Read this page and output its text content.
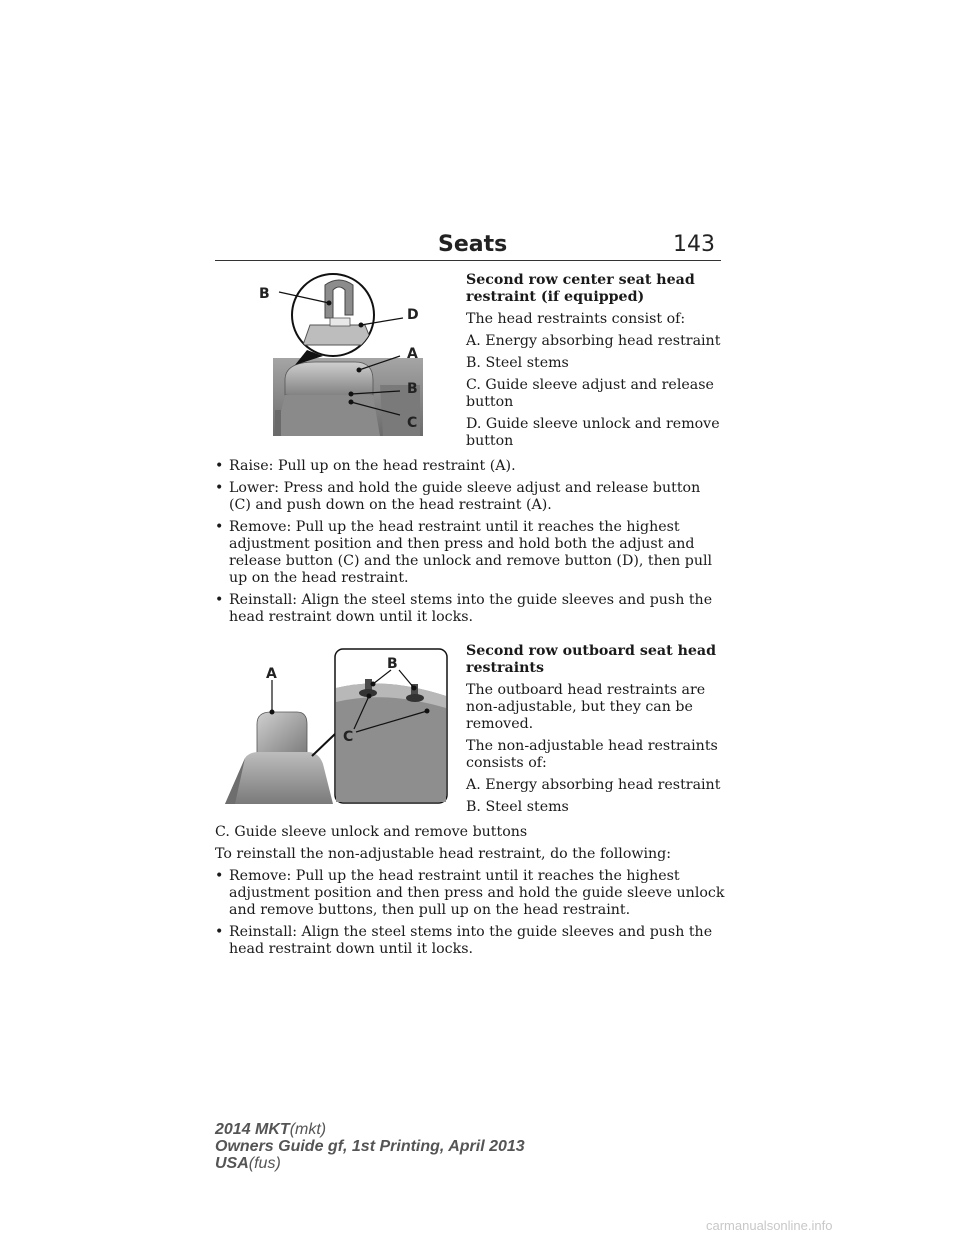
Seats	143
B
D
A
B
C

Second row center seat head restraint (if equipped)

The head restraints consist of:

A. Energy absorbing head restraint

B. Steel stems

C. Guide sleeve adjust and release button

D. Guide sleeve unlock and remove button

• Raise: Pull up on the head restraint (A).
• Lower: Press and hold the guide sleeve adjust and release button (C) and push down on the head restraint (A).
• Remove: Pull up the head restraint until it reaches the highest adjustment position and then press and hold both the adjust and release button (C) and the unlock and remove button (D), then pull up on the head restraint.
• Reinstall: Align the steel stems into the guide sleeves and push the head restraint down until it locks.
A
B
C

Second row outboard seat head restraints

The outboard head restraints are non-adjustable, but they can be removed.

The non-adjustable head restraints consists of:

A. Energy absorbing head restraint

B. Steel stems

C. Guide sleeve unlock and remove buttons

To reinstall the non-adjustable head restraint, do the following:

• Remove: Pull up the head restraint until it reaches the highest adjustment position and then press and hold the guide sleeve unlock and remove buttons, then pull up on the head restraint.
• Reinstall: Align the steel stems into the guide sleeves and push the head restraint down until it locks.
2014 MKT(mkt)
Owners Guide gf, 1st Printing, April 2013
USA(fus)
carmanualsonline.info
